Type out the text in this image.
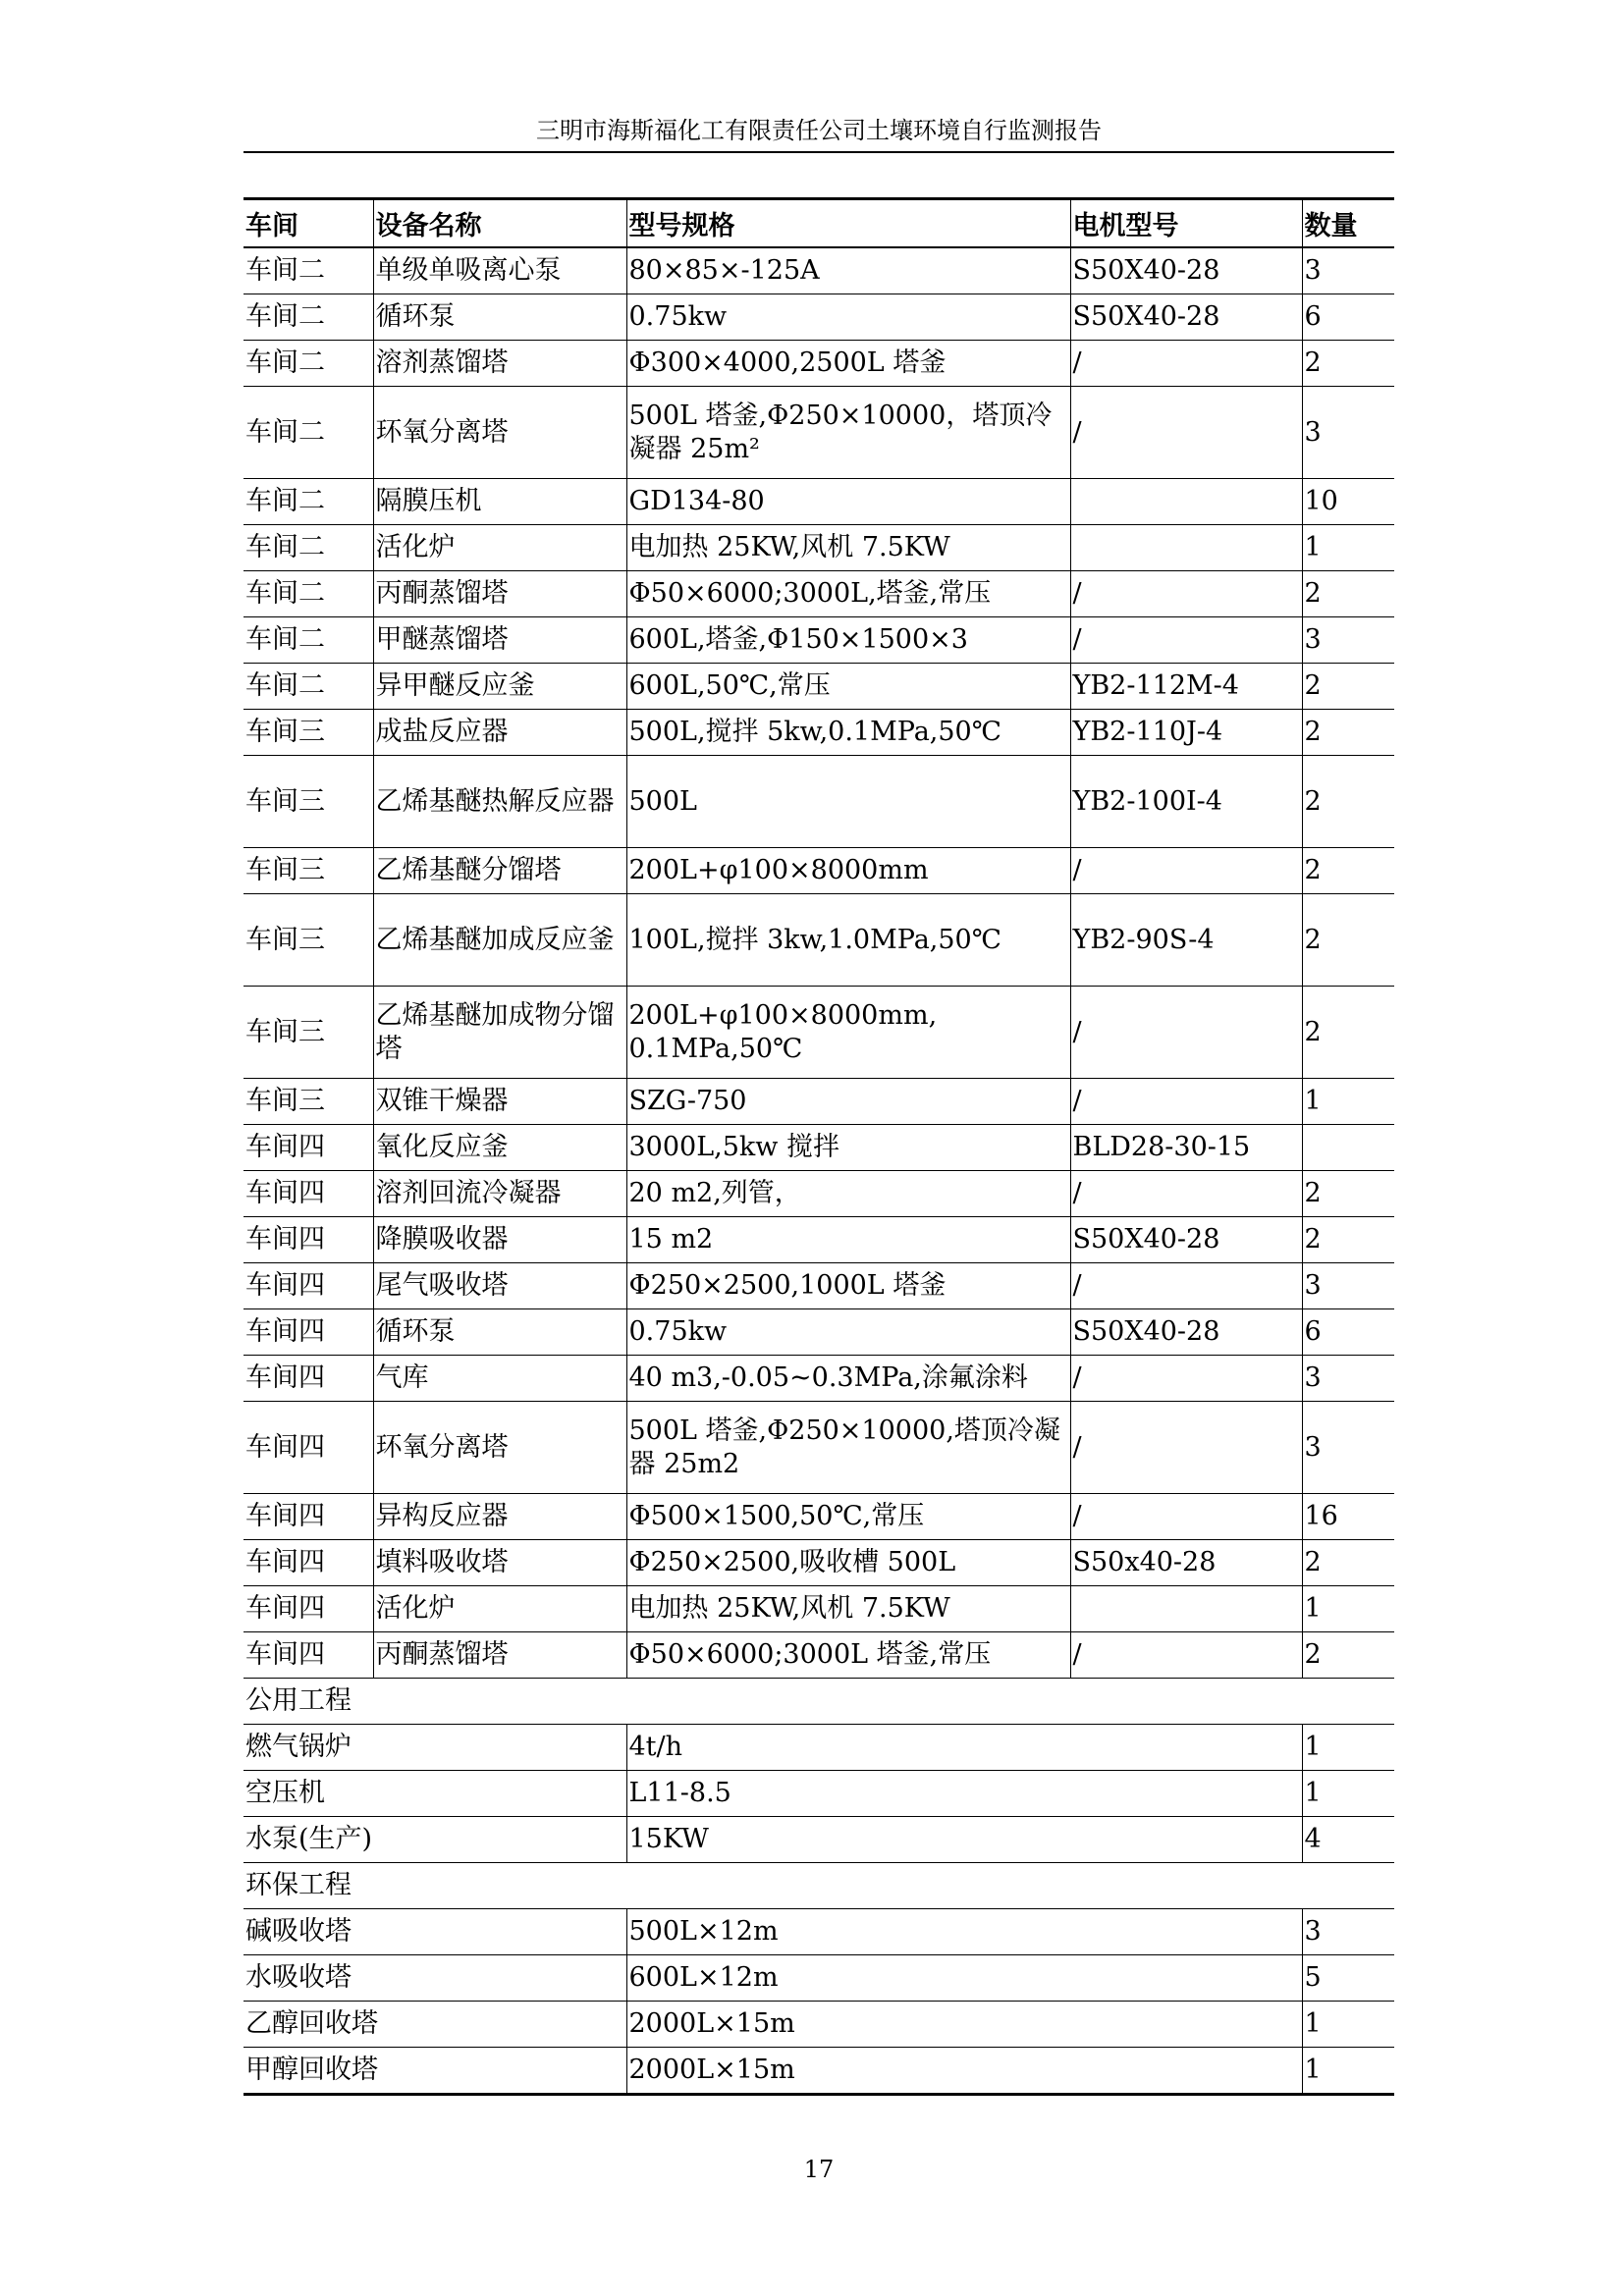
三明市海斯福化工有限责任公司土壤环境自行监测报告
车间	设备名称	型号规格	电机型号	数量
车间二	单级单吸离心泵	80×85×-125A	S50X40-28	3
车间二	循环泵	0.75kw	S50X40-28	6
车间二	溶剂蒸馏塔	Φ300×4000,2500L 塔釜	/	2
车间二	环氧分离塔	500L 塔釜,Φ250×10000，塔顶冷凝器 25m²	/	3
车间二	隔膜压机	GD134-80		10
车间二	活化炉	电加热 25KW,风机 7.5KW		1
车间二	丙酮蒸馏塔	Φ50×6000;3000L,塔釜,常压	/	2
车间二	甲醚蒸馏塔	600L,塔釜,Φ150×1500×3	/	3
车间二	异甲醚反应釜	600L,50℃,常压	YB2-112M-4	2
车间三	成盐反应器	500L,搅拌 5kw,0.1MPa,50℃	YB2-110J-4	2
车间三	乙烯基醚热解反应器	500L	YB2-100I-4	2
车间三	乙烯基醚分馏塔	200L+φ100×8000mm	/	2
车间三	乙烯基醚加成反应釜	100L,搅拌 3kw,1.0MPa,50℃	YB2-90S-4	2
车间三	乙烯基醚加成物分馏塔	200L+φ100×8000mm, 0.1MPa,50℃	/	2
车间三	双锥干燥器	SZG-750	/	1
车间四	氧化反应釜	3000L,5kw 搅拌	BLD28-30-15	
车间四	溶剂回流冷凝器	20 m2,列管，	/	2
车间四	降膜吸收器	15 m2	S50X40-28	2
车间四	尾气吸收塔	Φ250×2500,1000L 塔釜	/	3
车间四	循环泵	0.75kw	S50X40-28	6
车间四	气库	40 m3,-0.05~0.3MPa,涂氟涂料	/	3
车间四	环氧分离塔	500L 塔釜,Φ250×10000,塔顶冷凝器 25m2	/	3
车间四	异构反应器	Φ500×1500,50℃,常压	/	16
车间四	填料吸收塔	Φ250×2500,吸收槽 500L	S50x40-28	2
车间四	活化炉	电加热 25KW,风机 7.5KW		1
车间四	丙酮蒸馏塔	Φ50×6000;3000L 塔釜,常压	/	2
公用工程				
燃气锅炉		4t/h		1
空压机		L11-8.5		1
水泵(生产)		15KW		4
环保工程				
碱吸收塔		500L×12m		3
水吸收塔		600L×12m		5
乙醇回收塔		2000L×15m		1
甲醇回收塔		2000L×15m		1
17
